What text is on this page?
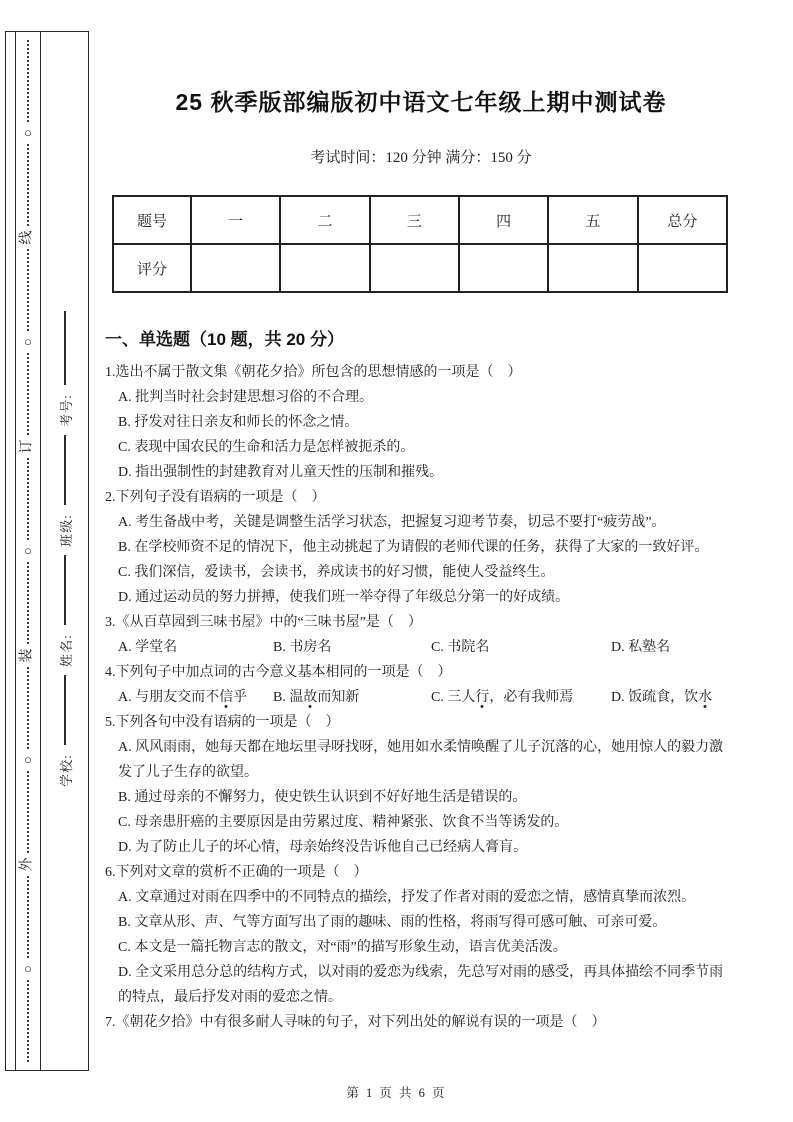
○
线
○
订
○
装
○
外
○
考号:
班级:
姓名:
学校:
25 秋季版部编版初中语文七年级上期中测试卷
考试时间：120 分钟 满分：150 分
题号	一	二	三	四	五	总分
评分						
一、单选题（10 题，共 20 分）
1.选出不属于散文集《朝花夕拾》所包含的思想情感的一项是（　）
A. 批判当时社会封建思想习俗的不合理。
B. 抒发对往日亲友和师长的怀念之情。
C. 表现中国农民的生命和活力是怎样被扼杀的。
D. 指出强制性的封建教育对儿童天性的压制和摧残。
2.下列句子没有语病的一项是（　）
A. 考生备战中考，关键是调整生活学习状态，把握复习迎考节奏，切忌不要打“疲劳战”。
B. 在学校师资不足的情况下，他主动挑起了为请假的老师代课的任务，获得了大家的一致好评。
C. 我们深信，爱读书，会读书，养成读书的好习惯，能使人受益终生。
D. 通过运动员的努力拼搏，使我们班一举夺得了年级总分第一的好成绩。
3.《从百草园到三味书屋》中的“三味书屋”是（　）
A. 学堂名	B. 书房名	C. 书院名	D. 私塾名
4.下列句子中加点词的古今意义基本相同的一项是（　）
A. 与朋友交而不信乎	B. 温故而知新	C. 三人行，必有我师焉	D. 饭疏食，饮水
5.下列各句中没有语病的一项是（　）
A. 风风雨雨，她每天都在地坛里寻呀找呀，她用如水柔情唤醒了儿子沉落的心，她用惊人的毅力激发了儿子生存的欲望。
B. 通过母亲的不懈努力，使史铁生认识到不好好地生活是错误的。
C. 母亲患肝癌的主要原因是由劳累过度、精神紧张、饮食不当等诱发的。
D. 为了防止儿子的坏心情，母亲始终没告诉他自己已经病人膏肓。
6.下列对文章的赏析不正确的一项是（　）
A. 文章通过对雨在四季中的不同特点的描绘，抒发了作者对雨的爱恋之情，感情真挚而浓烈。
B. 文章从形、声、气等方面写出了雨的趣味、雨的性格，将雨写得可感可触、可亲可爱。
C. 本文是一篇托物言志的散文，对“雨”的描写形象生动，语言优美活泼。
D. 全文采用总分总的结构方式，以对雨的爱恋为线索，先总写对雨的感受，再具体描绘不同季节雨的特点，最后抒发对雨的爱恋之情。
7.《朝花夕拾》中有很多耐人寻味的句子，对下列出处的解说有误的一项是（　）
第 1 页 共 6 页
